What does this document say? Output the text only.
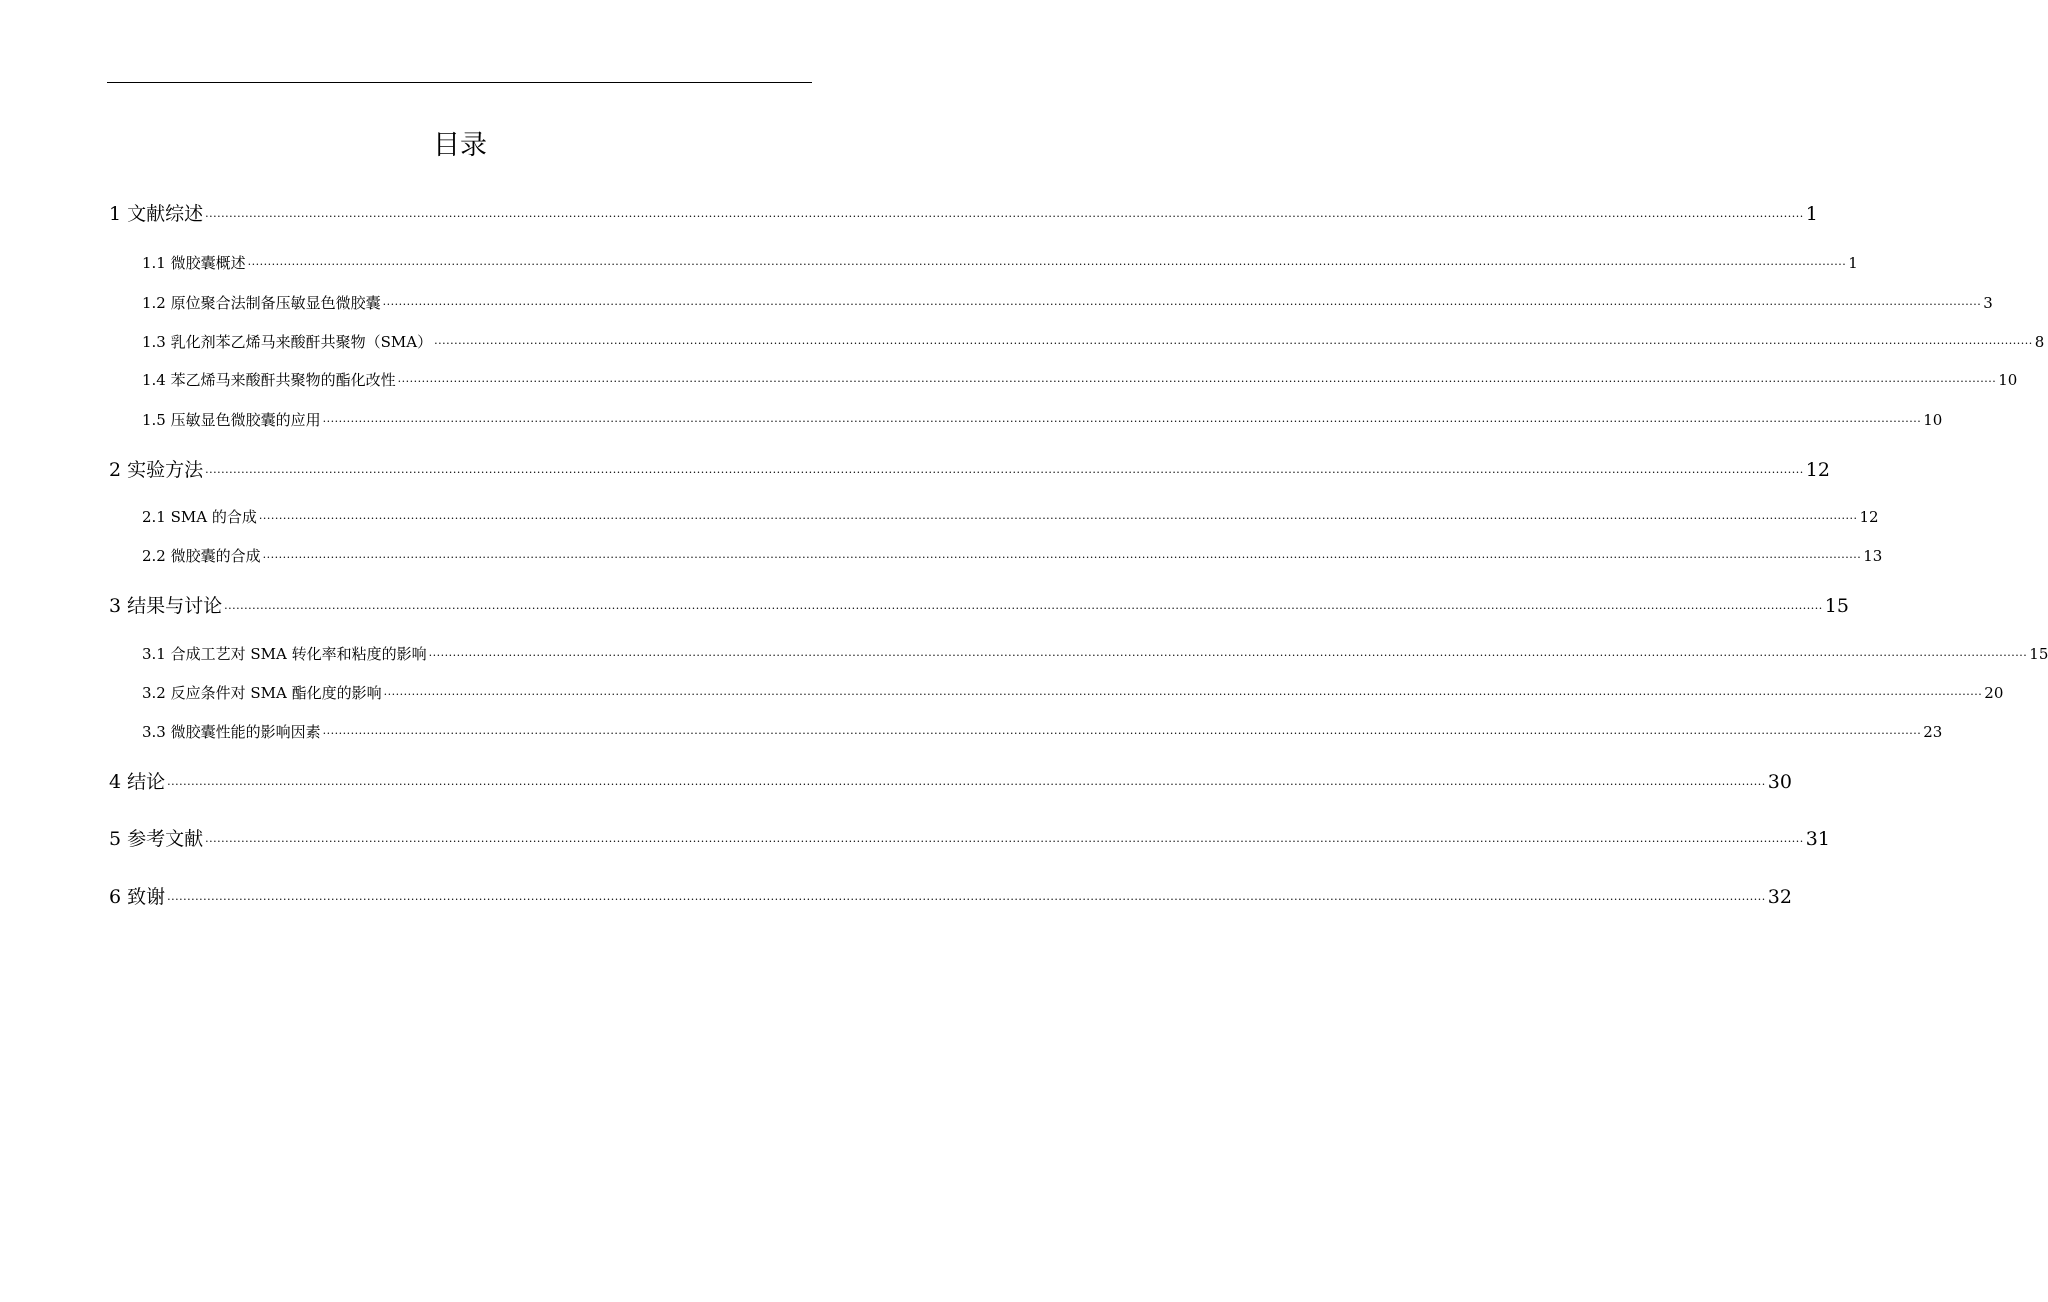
目录
1 文献综述 ················································································································································································································································································································································································································ 1
1.1 微胶囊概述 ················································································································································································································································································································································································································ 1
1.2 原位聚合法制备压敏显色微胶囊 ················································································································································································································································································································································································································ 3
1.3 乳化剂苯乙烯马来酸酐共聚物（SMA） ················································································································································································································································································································································································································ 8
1.4 苯乙烯马来酸酐共聚物的酯化改性 ················································································································································································································································································································································································································ 10
1.5 压敏显色微胶囊的应用 ················································································································································································································································································································································································································ 10
2 实验方法 ················································································································································································································································································································································································································ 12
2.1 SMA 的合成 ················································································································································································································································································································································································································ 12
2.2 微胶囊的合成 ················································································································································································································································································································································································································ 13
3 结果与讨论 ················································································································································································································································································································································································································ 15
3.1 合成工艺对 SMA 转化率和粘度的影响 ················································································································································································································································································································································································································ 15
3.2 反应条件对 SMA 酯化度的影响 ················································································································································································································································································································································································································ 20
3.3 微胶囊性能的影响因素 ················································································································································································································································································································································································································ 23
4 结论 ················································································································································································································································································································································································································ 30
5 参考文献 ················································································································································································································································································································································································································ 31
6 致谢 ················································································································································································································································································································································································································ 32
